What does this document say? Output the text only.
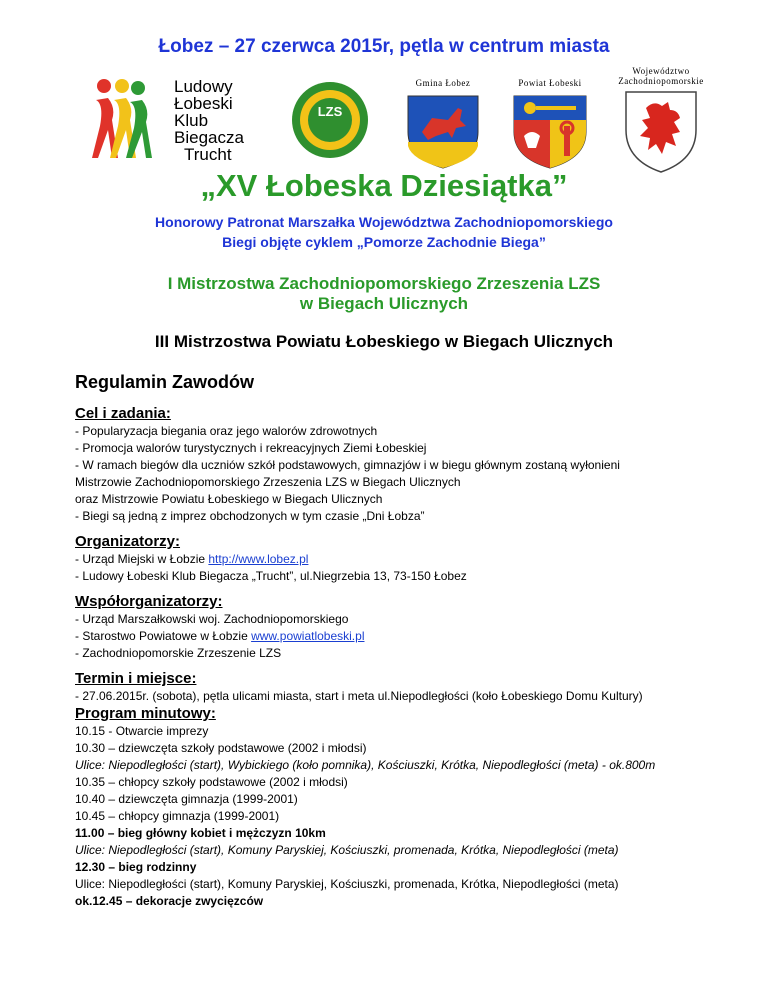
Łobez – 27 czerwca 2015r, pętla w centrum miasta
Ludowy
Łobeski
Klub
Biegacza
Trucht
LZS
Gmina Łobez	Powiat Łobeski
Województwo
Zachodniopomorskie
„XV Łobeska Dziesiątka”
Honorowy Patronat Marszałka Województwa Zachodniopomorskiego
Biegi objęte cyklem „Pomorze Zachodnie Biega”
I Mistrzostwa Zachodniopomorskiego Zrzeszenia LZS
w Biegach Ulicznych
III Mistrzostwa Powiatu Łobeskiego w Biegach Ulicznych
Regulamin Zawodów
Cel i zadania:
- Popularyzacja biegania oraz jego walorów zdrowotnych
- Promocja walorów turystycznych i rekreacyjnych Ziemi Łobeskiej
- W ramach biegów dla uczniów szkół podstawowych, gimnazjów i w biegu głównym zostaną wyłonieni
Mistrzowie Zachodniopomorskiego Zrzeszenia LZS w Biegach Ulicznych
oraz Mistrzowie Powiatu Łobeskiego w Biegach Ulicznych
- Biegi są jedną z imprez obchodzonych w tym czasie „Dni Łobza”
Organizatorzy:
- Urząd Miejski w Łobzie http://www.lobez.pl
- Ludowy Łobeski Klub Biegacza „Trucht”, ul.Niegrzebia 13, 73-150 Łobez
Współorganizatorzy:
- Urząd Marszałkowski woj. Zachodniopomorskiego
- Starostwo Powiatowe w Łobzie www.powiatlobeski.pl
- Zachodniopomorskie Zrzeszenie LZS
Termin i miejsce:
- 27.06.2015r. (sobota), pętla ulicami miasta, start i meta ul.Niepodległości (koło Łobeskiego Domu Kultury)
Program minutowy:
10.15 - Otwarcie imprezy
10.30 – dziewczęta szkoły podstawowe (2002 i młodsi)
Ulice: Niepodległości (start), Wybickiego (koło pomnika), Kościuszki, Krótka, Niepodległości (meta) - ok.800m
10.35 – chłopcy szkoły podstawowe (2002 i młodsi)
10.40 – dziewczęta gimnazja (1999-2001)
10.45 – chłopcy gimnazja (1999-2001)
11.00 – bieg główny kobiet i mężczyzn 10km
Ulice: Niepodległości (start), Komuny Paryskiej, Kościuszki, promenada, Krótka, Niepodległości (meta)
12.30 – bieg rodzinny
Ulice: Niepodległości (start), Komuny Paryskiej, Kościuszki, promenada, Krótka, Niepodległości (meta)
ok.12.45 – dekoracje zwycięzców
